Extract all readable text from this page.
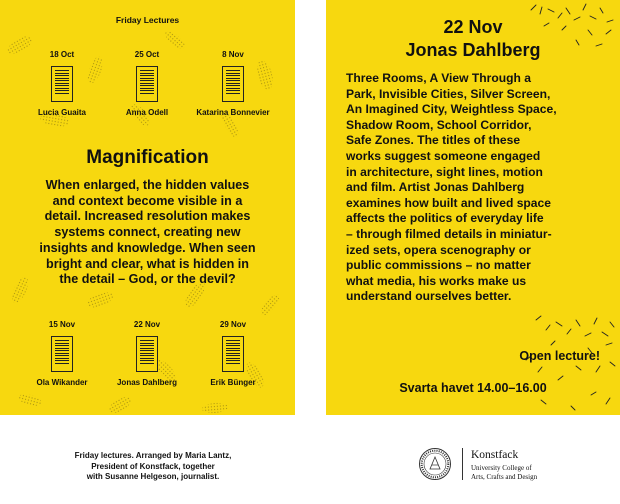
Friday Lectures
18 Oct
Lucia Guaita
25 Oct
Anna Odell
8 Nov
Katarina Bonnevier
Magnification
When enlarged, the hidden values
and context become visible in a
detail. Increased resolution makes
systems connect, creating new
insights and knowledge. When seen
bright and clear, what is hidden in
the detail – God, or the devil?
15 Nov
Ola Wikander
22 Nov
Jonas Dahlberg
29 Nov
Erik Bünger
22 Nov
Jonas Dahlberg
Three Rooms, A View Through a
Park, Invisible Cities, Silver Screen,
An Imagined City, Weightless Space,
Shadow Room, School Corridor,
Safe Zones. The titles of these
works suggest someone engaged
in architecture, sight lines, motion
and film. Artist Jonas Dahlberg
examines how built and lived space
affects the politics of everyday life
– through filmed details in miniatur-
ized sets, opera scenography or
public commissions – no matter
what media, his works make us
understand ourselves better.
Open lecture!
Svarta havet 14.00–16.00
Friday lectures. Arranged by Maria Lantz,
President of Konstfack, together
with Susanne Helgeson, journalist.
Konstfack
University College of
Arts, Crafts and Design
